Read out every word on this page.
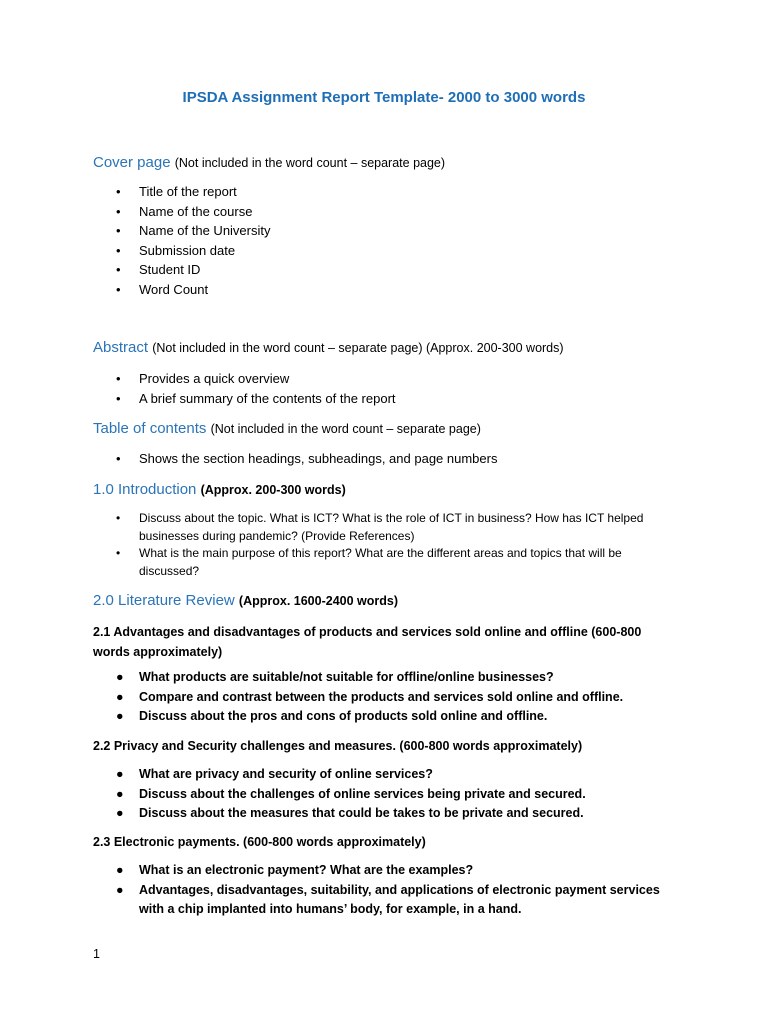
IPSDA Assignment Report Template- 2000 to 3000 words
Cover page (Not included in the word count – separate page)
• Title of the report
• Name of the course
• Name of the University
• Submission date
• Student ID
• Word Count
Abstract (Not included in the word count – separate page) (Approx. 200-300 words)
• Provides a quick overview
• A brief summary of the contents of the report
Table of contents (Not included in the word count – separate page)
• Shows the section headings, subheadings, and page numbers
1.0 Introduction (Approx. 200-300 words)
• Discuss about the topic. What is ICT? What is the role of ICT in business? How has ICT helped businesses during pandemic? (Provide References)
• What is the main purpose of this report? What are the different areas and topics that will be discussed?
2.0 Literature Review (Approx. 1600-2400 words)
2.1 Advantages and disadvantages of products and services sold online and offline (600-800 words approximately)
● What products are suitable/not suitable for offline/online businesses?
● Compare and contrast between the products and services sold online and offline.
● Discuss about the pros and cons of products sold online and offline.
2.2 Privacy and Security challenges and measures. (600-800 words approximately)
● What are privacy and security of online services?
● Discuss about the challenges of online services being private and secured.
● Discuss about the measures that could be takes to be private and secured.
2.3 Electronic payments. (600-800 words approximately)
● What is an electronic payment? What are the examples?
● Advantages, disadvantages, suitability, and applications of electronic payment services with a chip implanted into humans’ body, for example, in a hand.
1
